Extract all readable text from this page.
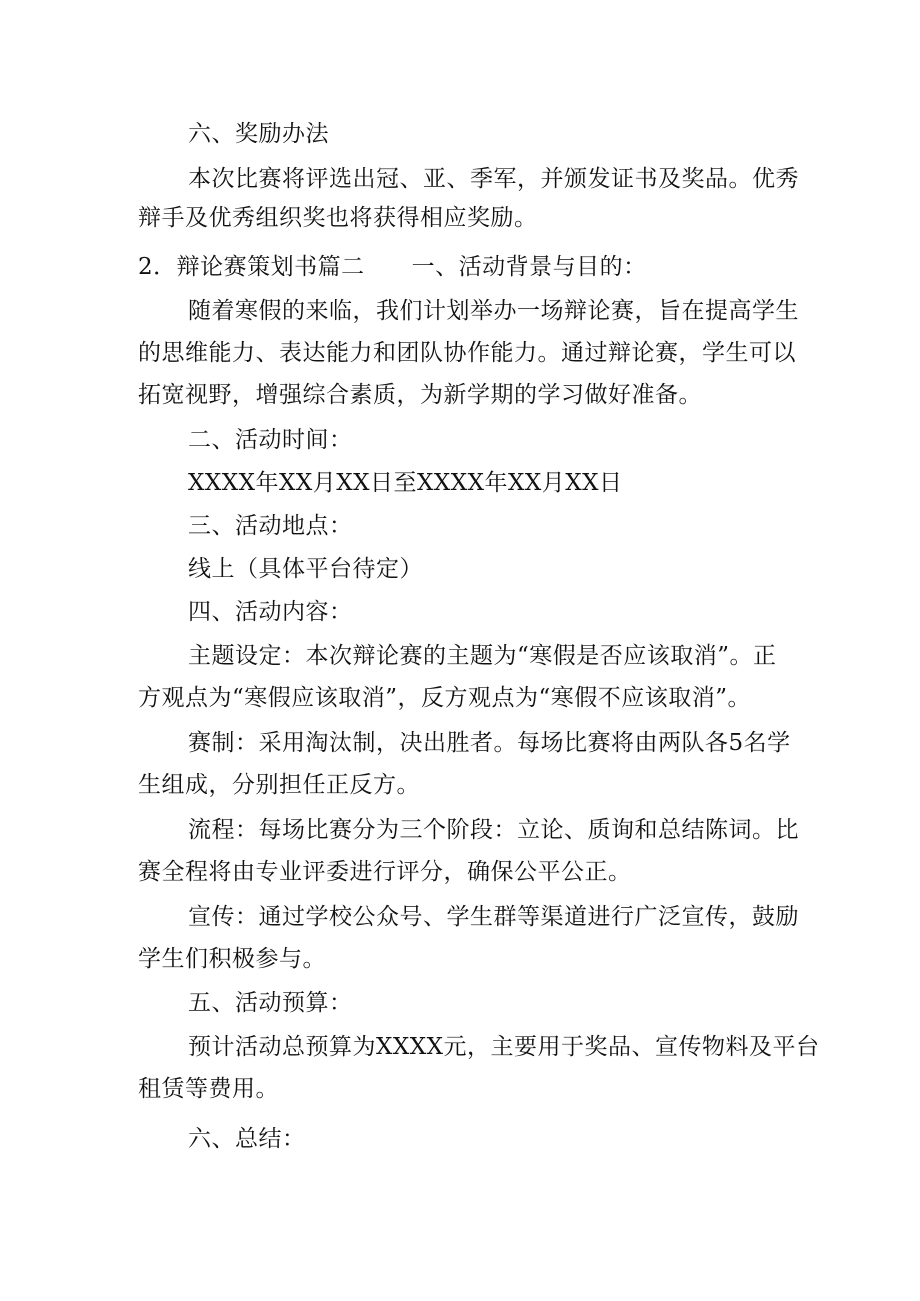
六、奖励办法
本次比赛将评选出冠、亚、季军，并颁发证书及奖品。优秀
辩手及优秀组织奖也将获得相应奖励。
2．辩论赛策划书篇二　　一、活动背景与目的：
随着寒假的来临，我们计划举办一场辩论赛，旨在提高学生
的思维能力、表达能力和团队协作能力。通过辩论赛，学生可以
拓宽视野，增强综合素质，为新学期的学习做好准备。
二、活动时间：
XXXX年XX月XX日至XXXX年XX月XX日
三、活动地点：
线上（具体平台待定）
四、活动内容：
主题设定：本次辩论赛的主题为“寒假是否应该取消”。正
方观点为“寒假应该取消”，反方观点为“寒假不应该取消”。
赛制：采用淘汰制，决出胜者。每场比赛将由两队各5名学
生组成，分别担任正反方。
流程：每场比赛分为三个阶段：立论、质询和总结陈词。比
赛全程将由专业评委进行评分，确保公平公正。
宣传：通过学校公众号、学生群等渠道进行广泛宣传，鼓励
学生们积极参与。
五、活动预算：
预计活动总预算为XXXX元，主要用于奖品、宣传物料及平台
租赁等费用。
六、总结：
